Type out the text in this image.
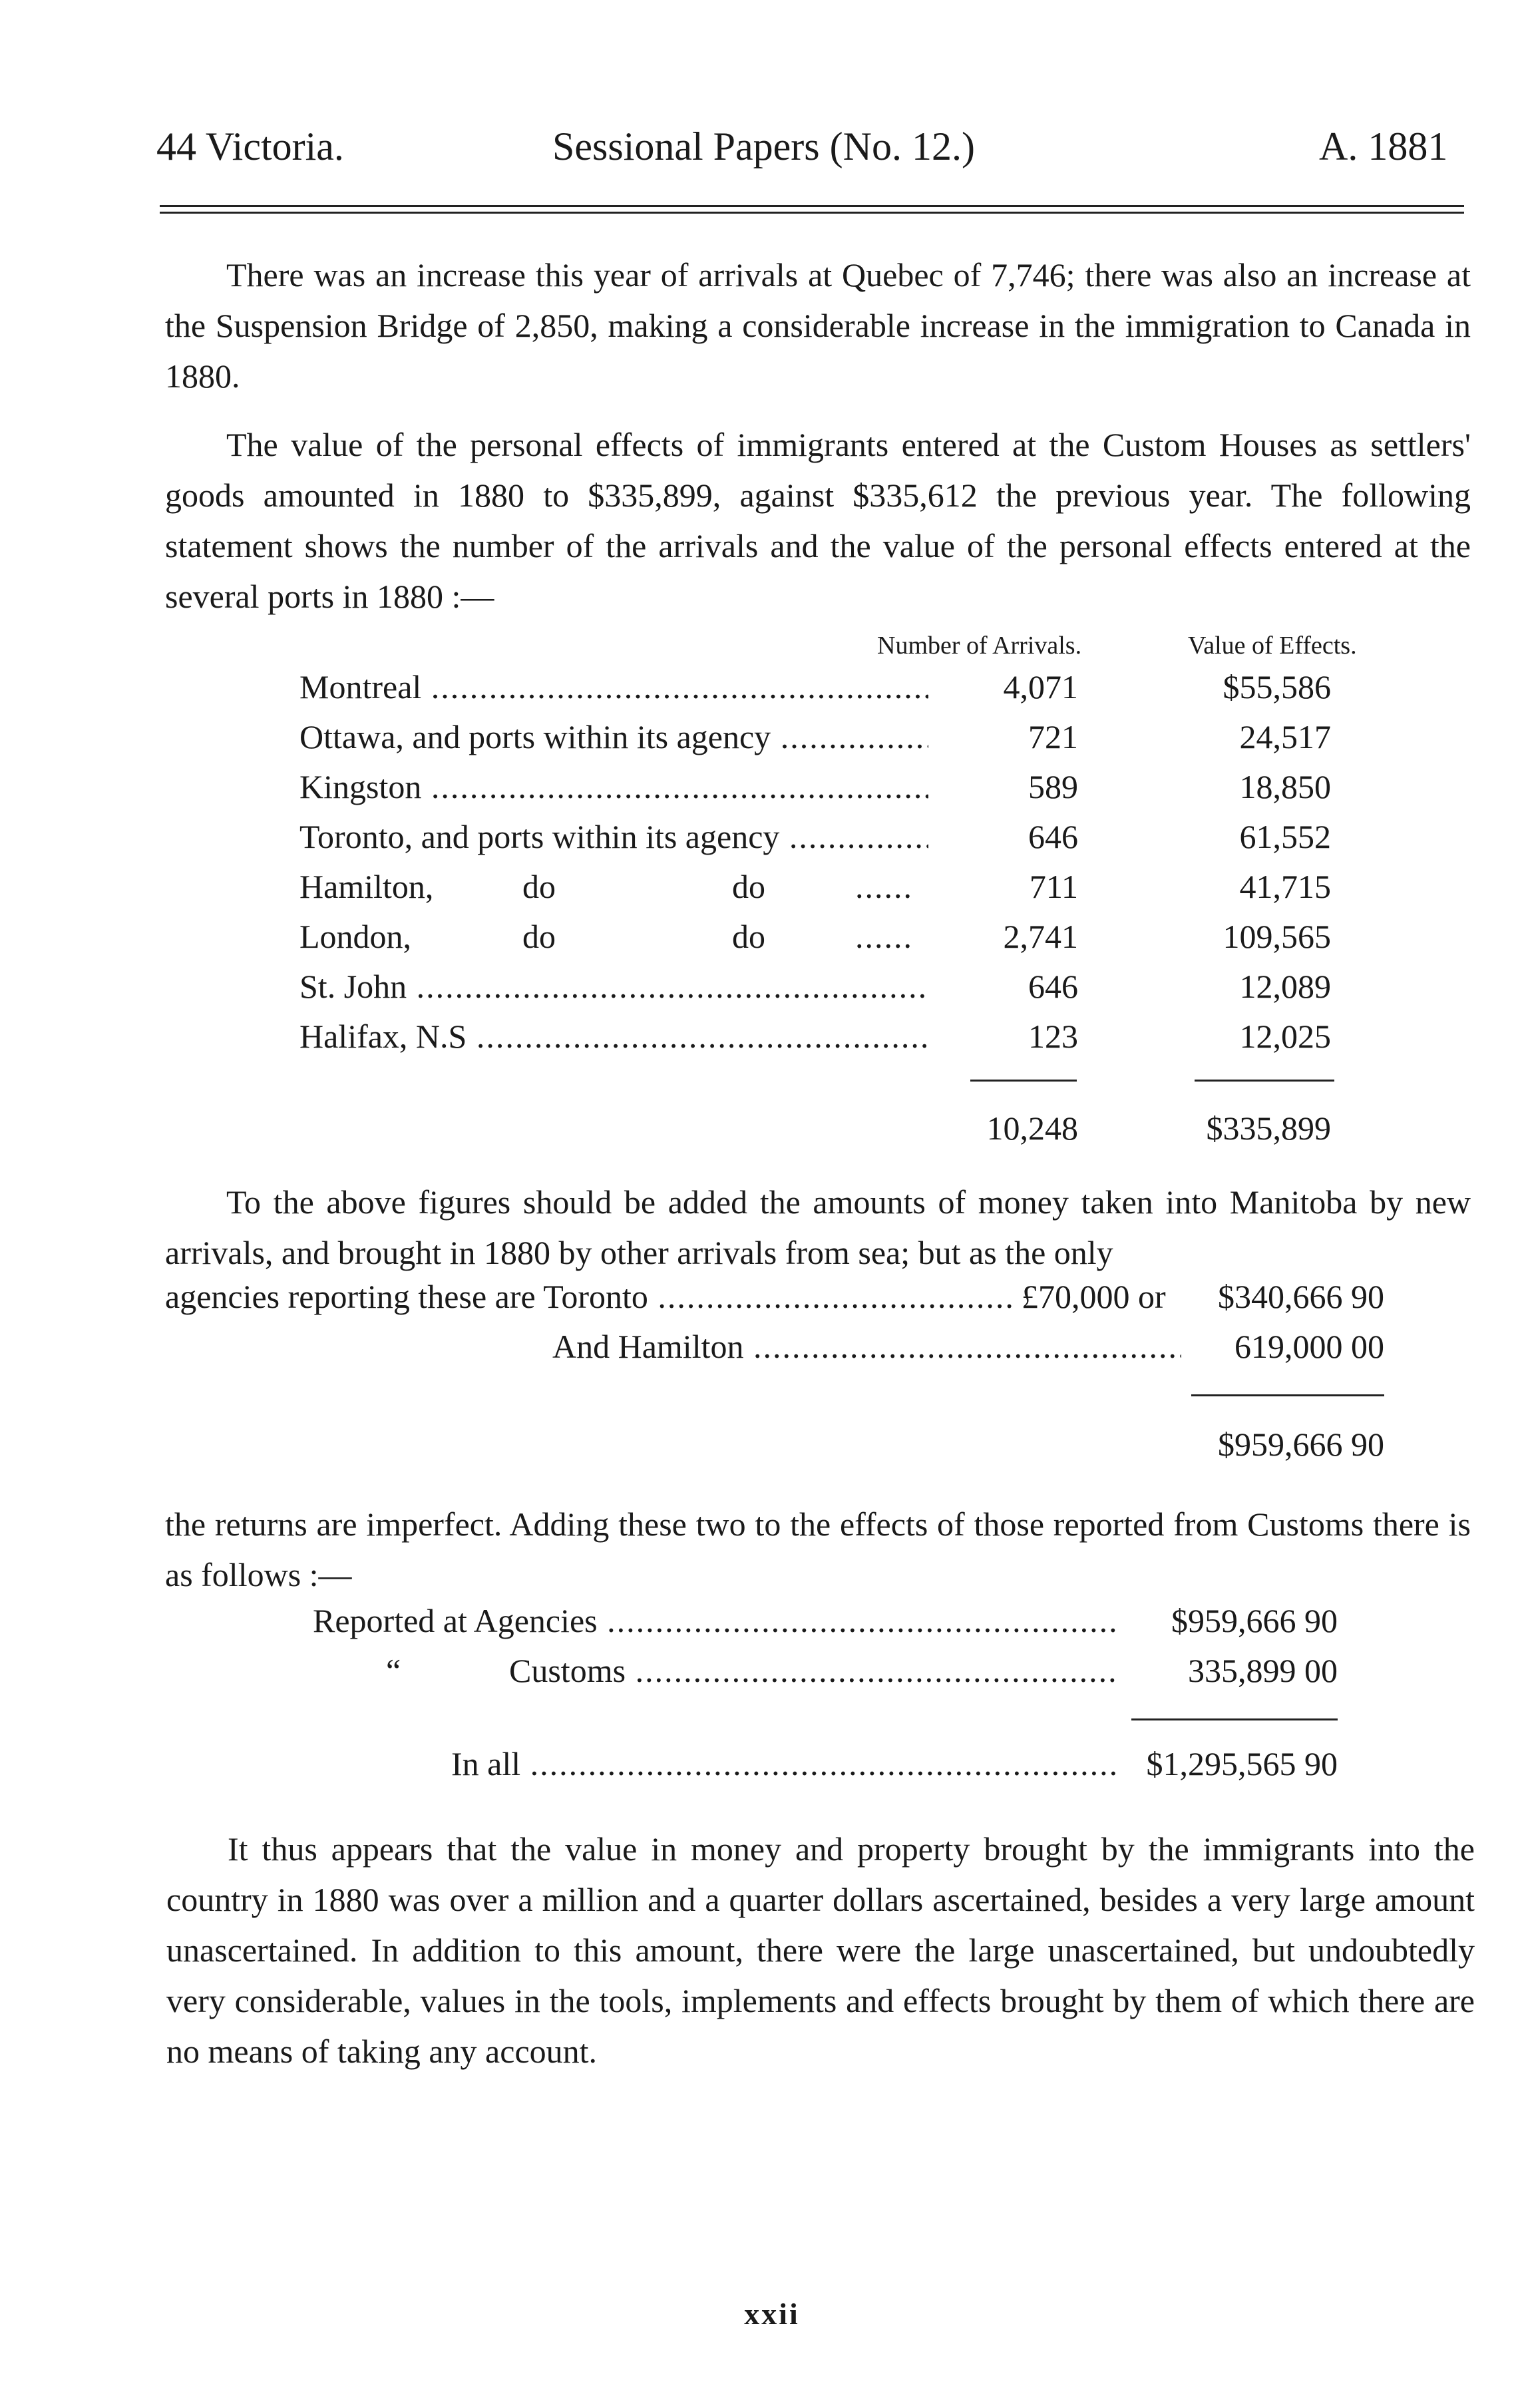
44 Victoria.	Sessional Papers (No. 12.)	A. 1881

There was an increase this year of arrivals at Quebec of 7,746; there was also an increase at the Suspension Bridge of 2,850, making a considerable increase in the immigration to Canada in 1880.

The value of the personal effects of immigrants entered at the Custom Houses as settlers' goods amounted in 1880 to $335,899, against $335,612 the previous year. The following statement shows the number of the arrivals and the value of the personal effects entered at the several ports in 1880 :—

Number of Arrivals.	Value of Effects.
Montreal .....	4,071	$55,586
Ottawa, and ports within its agency .....	721	24,517
Kingston .....	589	18,850
Toronto, and ports within its agency .....	646	61,552
Hamilton,	do	do	......	711	41,715
London,	do	do	......	2,741	109,565
St. John .....	646	12,089
Halifax, N.S .....	123	12,025
10,248	$335,899

To the above figures should be added the amounts of money taken into Manitoba by new arrivals, and brought in 1880 by other arrivals from sea; but as the only

agencies reporting these are Toronto .....	£70,000 or	$340,666 90
And Hamilton .....	619,000 00
$959,666 90

the returns are imperfect. Adding these two to the effects of those reported from Customs there is as follows :—

Reported at Agencies .....	$959,666 90
“	Customs .....	335,899 00
In all .....	$1,295,565 90

It thus appears that the value in money and property brought by the immigrants into the country in 1880 was over a million and a quarter dollars ascertained, besides a very large amount unascertained. In addition to this amount, there were the large unascertained, but undoubtedly very considerable, values in the tools, implements and effects brought by them of which there are no means of taking any account.

xxii
